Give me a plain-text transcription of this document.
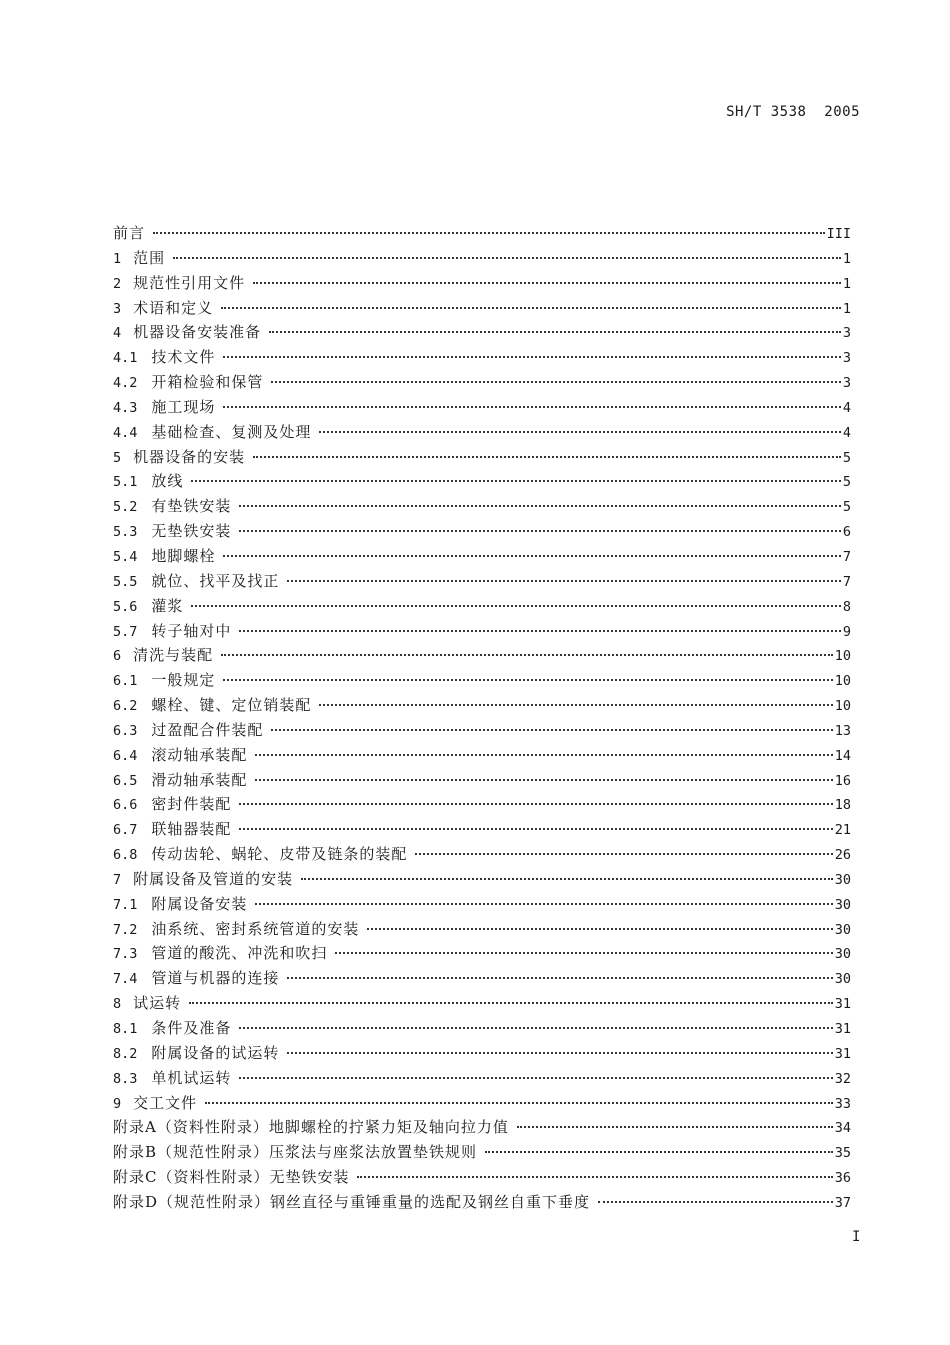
SH/T 3538  2005
前言	III
1 范围	1
2 规范性引用文件	1
3 术语和定义	1
4 机器设备安装准备	3
4.1 技术文件	3
4.2 开箱检验和保管	3
4.3 施工现场	4
4.4 基础检查、复测及处理	4
5 机器设备的安装	5
5.1 放线	5
5.2 有垫铁安装	5
5.3 无垫铁安装	6
5.4 地脚螺栓	7
5.5 就位、找平及找正	7
5.6 灌浆	8
5.7 转子轴对中	9
6 清洗与装配	10
6.1 一般规定	10
6.2 螺栓、键、定位销装配	10
6.3 过盈配合件装配	13
6.4 滚动轴承装配	14
6.5 滑动轴承装配	16
6.6 密封件装配	18
6.7 联轴器装配	21
6.8 传动齿轮、蜗轮、皮带及链条的装配	26
7 附属设备及管道的安装	30
7.1 附属设备安装	30
7.2 油系统、密封系统管道的安装	30
7.3 管道的酸洗、冲洗和吹扫	30
7.4 管道与机器的连接	30
8 试运转	31
8.1 条件及准备	31
8.2 附属设备的试运转	31
8.3 单机试运转	32
9 交工文件	33
附录A（资料性附录）地脚螺栓的拧紧力矩及轴向拉力值	34
附录B（规范性附录）压浆法与座浆法放置垫铁规则	35
附录C（资料性附录）无垫铁安装	36
附录D（规范性附录）钢丝直径与重锤重量的选配及钢丝自重下垂度	37
I
